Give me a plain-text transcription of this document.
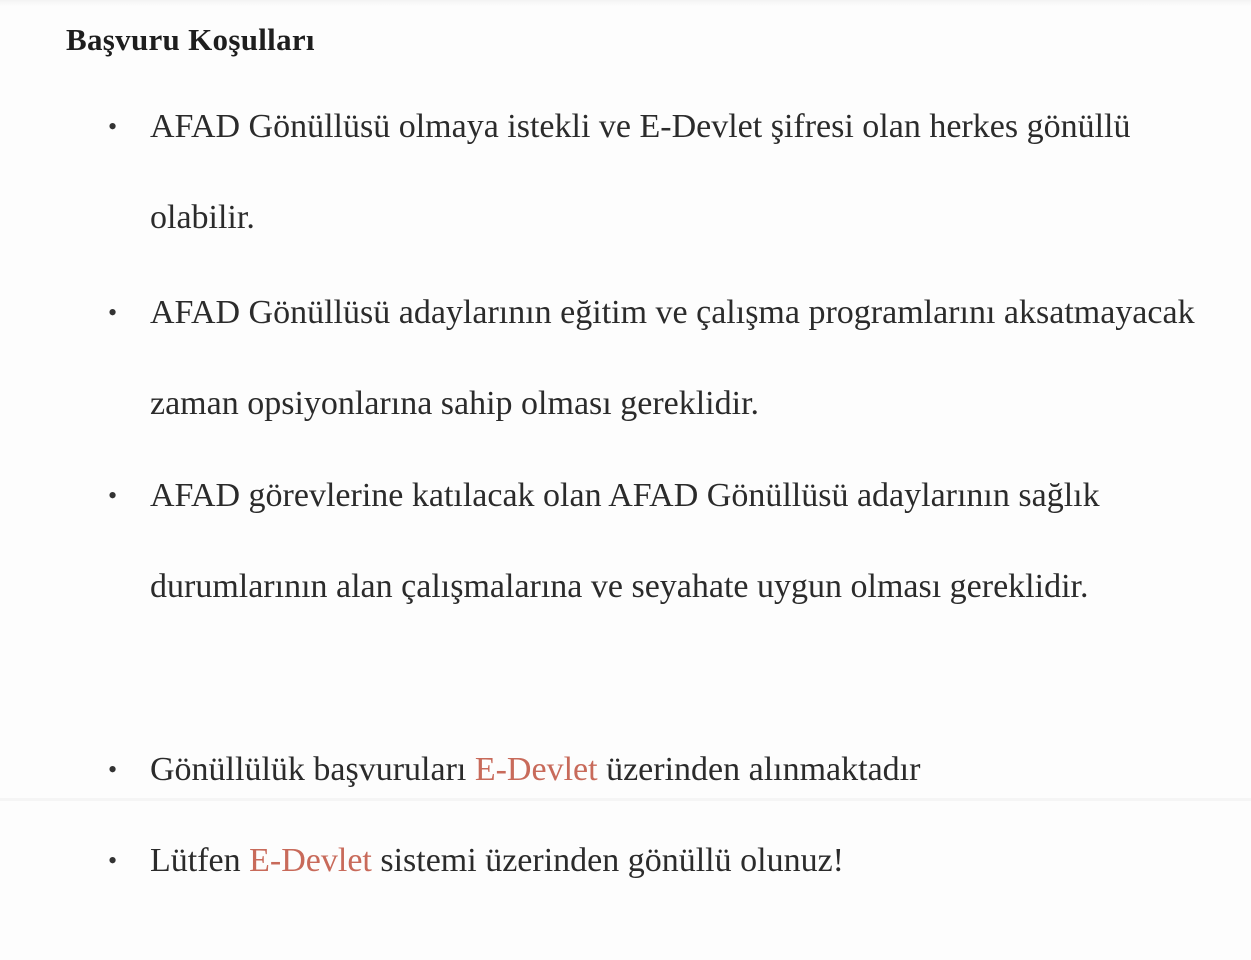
Başvuru Koşulları
• AFAD Gönüllüsü olmaya istekli ve E-Devlet şifresi olan herkes gönüllü olabilir.
• AFAD Gönüllüsü adaylarının eğitim ve çalışma programlarını aksatmayacak zaman opsiyonlarına sahip olması gereklidir.
• AFAD görevlerine katılacak olan AFAD Gönüllüsü adaylarının sağlık durumlarının alan çalışmalarına ve seyahate uygun olması gereklidir.
• Gönüllülük başvuruları E-Devlet üzerinden alınmaktadır
• Lütfen E-Devlet sistemi üzerinden gönüllü olunuz!
